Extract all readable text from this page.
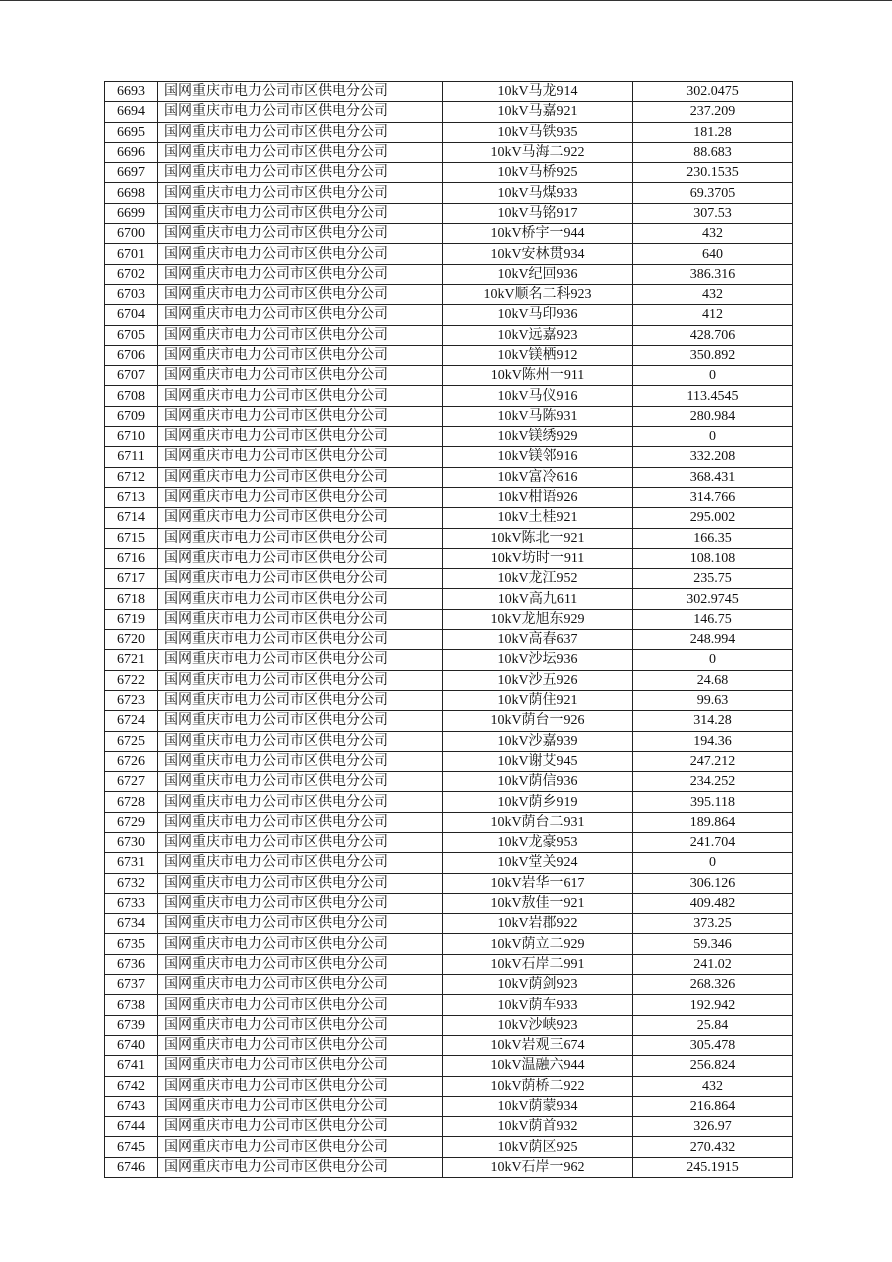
6693	国网重庆市电力公司市区供电分公司	10kV马龙914	302.0475
6694	国网重庆市电力公司市区供电分公司	10kV马嘉921	237.209
6695	国网重庆市电力公司市区供电分公司	10kV马铁935	181.28
6696	国网重庆市电力公司市区供电分公司	10kV马海二922	88.683
6697	国网重庆市电力公司市区供电分公司	10kV马桥925	230.1535
6698	国网重庆市电力公司市区供电分公司	10kV马煤933	69.3705
6699	国网重庆市电力公司市区供电分公司	10kV马铭917	307.53
6700	国网重庆市电力公司市区供电分公司	10kV桥宇一944	432
6701	国网重庆市电力公司市区供电分公司	10kV安林贯934	640
6702	国网重庆市电力公司市区供电分公司	10kV纪回936	386.316
6703	国网重庆市电力公司市区供电分公司	10kV顺名二科923	432
6704	国网重庆市电力公司市区供电分公司	10kV马印936	412
6705	国网重庆市电力公司市区供电分公司	10kV远嘉923	428.706
6706	国网重庆市电力公司市区供电分公司	10kV镁栖912	350.892
6707	国网重庆市电力公司市区供电分公司	10kV陈州一911	0
6708	国网重庆市电力公司市区供电分公司	10kV马仪916	113.4545
6709	国网重庆市电力公司市区供电分公司	10kV马陈931	280.984
6710	国网重庆市电力公司市区供电分公司	10kV镁绣929	0
6711	国网重庆市电力公司市区供电分公司	10kV镁邻916	332.208
6712	国网重庆市电力公司市区供电分公司	10kV富冷616	368.431
6713	国网重庆市电力公司市区供电分公司	10kV柑语926	314.766
6714	国网重庆市电力公司市区供电分公司	10kV土桂921	295.002
6715	国网重庆市电力公司市区供电分公司	10kV陈北一921	166.35
6716	国网重庆市电力公司市区供电分公司	10kV坊时一911	108.108
6717	国网重庆市电力公司市区供电分公司	10kV龙江952	235.75
6718	国网重庆市电力公司市区供电分公司	10kV高九611	302.9745
6719	国网重庆市电力公司市区供电分公司	10kV龙旭东929	146.75
6720	国网重庆市电力公司市区供电分公司	10kV高春637	248.994
6721	国网重庆市电力公司市区供电分公司	10kV沙坛936	0
6722	国网重庆市电力公司市区供电分公司	10kV沙五926	24.68
6723	国网重庆市电力公司市区供电分公司	10kV荫住921	99.63
6724	国网重庆市电力公司市区供电分公司	10kV荫台一926	314.28
6725	国网重庆市电力公司市区供电分公司	10kV沙嘉939	194.36
6726	国网重庆市电力公司市区供电分公司	10kV谢艾945	247.212
6727	国网重庆市电力公司市区供电分公司	10kV荫信936	234.252
6728	国网重庆市电力公司市区供电分公司	10kV荫乡919	395.118
6729	国网重庆市电力公司市区供电分公司	10kV荫台二931	189.864
6730	国网重庆市电力公司市区供电分公司	10kV龙豪953	241.704
6731	国网重庆市电力公司市区供电分公司	10kV堂关924	0
6732	国网重庆市电力公司市区供电分公司	10kV岩华一617	306.126
6733	国网重庆市电力公司市区供电分公司	10kV敖佳一921	409.482
6734	国网重庆市电力公司市区供电分公司	10kV岩郡922	373.25
6735	国网重庆市电力公司市区供电分公司	10kV荫立二929	59.346
6736	国网重庆市电力公司市区供电分公司	10kV石岸二991	241.02
6737	国网重庆市电力公司市区供电分公司	10kV荫剑923	268.326
6738	国网重庆市电力公司市区供电分公司	10kV荫车933	192.942
6739	国网重庆市电力公司市区供电分公司	10kV沙峡923	25.84
6740	国网重庆市电力公司市区供电分公司	10kV岩观三674	305.478
6741	国网重庆市电力公司市区供电分公司	10kV温融六944	256.824
6742	国网重庆市电力公司市区供电分公司	10kV荫桥二922	432
6743	国网重庆市电力公司市区供电分公司	10kV荫蒙934	216.864
6744	国网重庆市电力公司市区供电分公司	10kV荫首932	326.97
6745	国网重庆市电力公司市区供电分公司	10kV荫区925	270.432
6746	国网重庆市电力公司市区供电分公司	10kV石岸一962	245.1915
